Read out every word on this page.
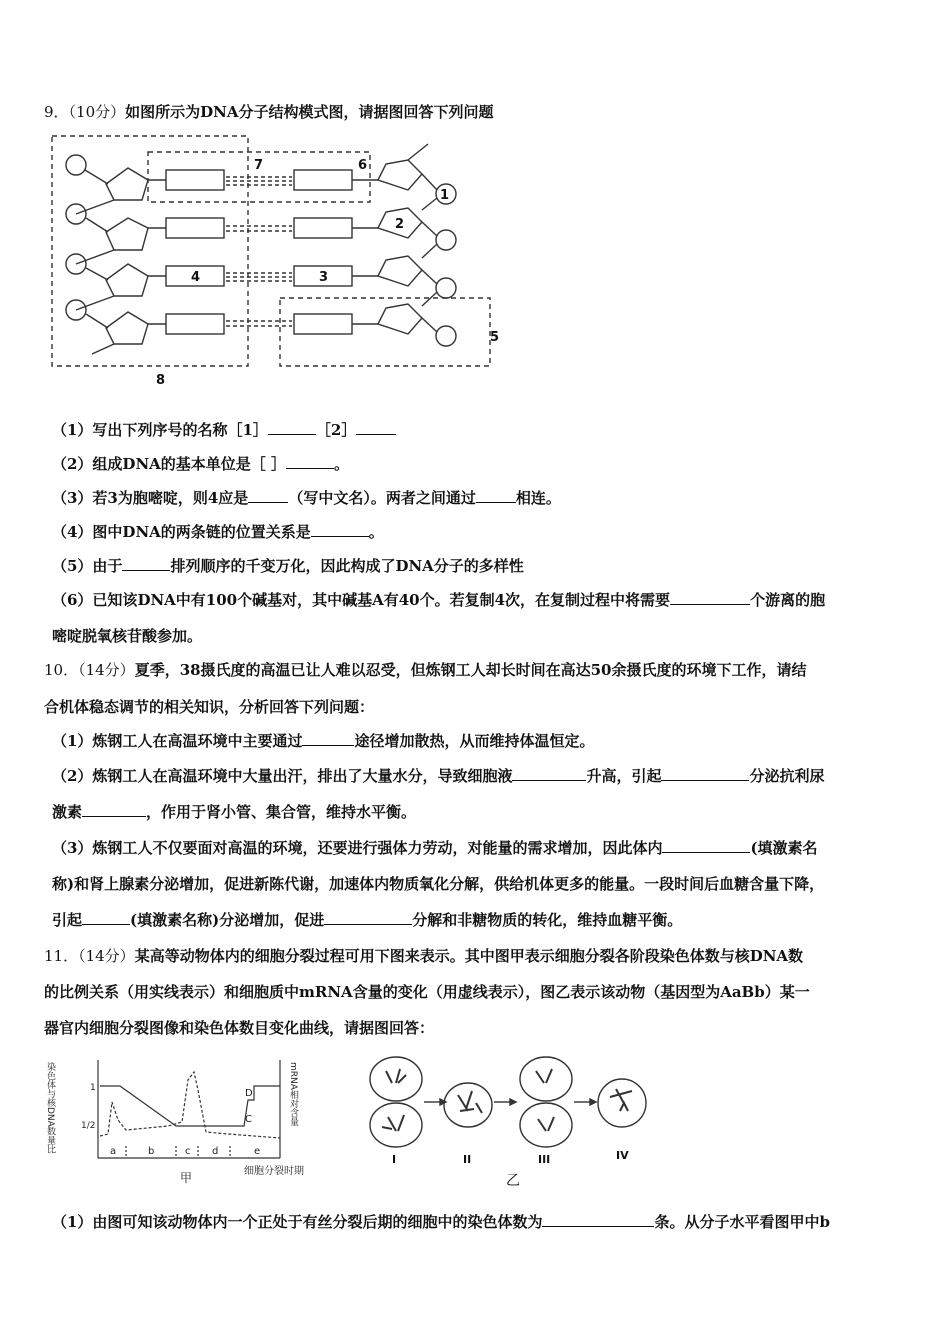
9．（10分）如图所示为DNA分子结构模式图，请据图回答下列问题
1
2
3
4
5
6
7
8
（1）写出下列序号的名称［1］	［2］
（2）组成DNA的基本单位是［ ］	。
（3）若3为胞嘧啶，则4应是	（写中文名）。两者之间通过	相连。
（4）图中DNA的两条链的位置关系是	。
（5）由于	排列顺序的千变万化，因此构成了DNA分子的多样性
（6）已知该DNA中有100个碱基对，其中碱基A有40个。若复制4次，在复制过程中将需要	个游离的胞
嘧啶脱氧核苷酸参加。
10．（14分）夏季，38摄氏度的高温已让人难以忍受，但炼钢工人却长时间在高达50余摄氏度的环境下工作，请结
合机体稳态调节的相关知识，分析回答下列问题：
（1）炼钢工人在高温环境中主要通过	途径增加散热，从而维持体温恒定。
（2）炼钢工人在高温环境中大量出汗，排出了大量水分，导致细胞液	升高，引起	分泌抗利尿
激素	，作用于肾小管、集合管，维持水平衡。
（3）炼钢工人不仅要面对高温的环境，还要进行强体力劳动，对能量的需求增加，因此体内	(填激素名
称)和肾上腺素分泌增加，促进新陈代谢，加速体内物质氧化分解，供给机体更多的能量。一段时间后血糖含量下降，
引起	(填激素名称)分泌增加，促进	分解和非糖物质的转化，维持血糖平衡。
11．（14分）某高等动物体内的细胞分裂过程可用下图来表示。其中图甲表示细胞分裂各阶段染色体数与核DNA数
的比例关系（用实线表示）和细胞质中mRNA含量的变化（用虚线表示），图乙表示该动物（基因型为AaBb）某一
器官内细胞分裂图像和染色体数目变化曲线，请据图回答：
染色体与核DNA数量比	1
1/2
mRNA相对含量
a	b	c d	e
D
C
细胞分裂时期
甲
I	II	III	IV
乙
（1）由图可知该动物体内一个正处于有丝分裂后期的细胞中的染色体数为	条。从分子水平看图甲中b
